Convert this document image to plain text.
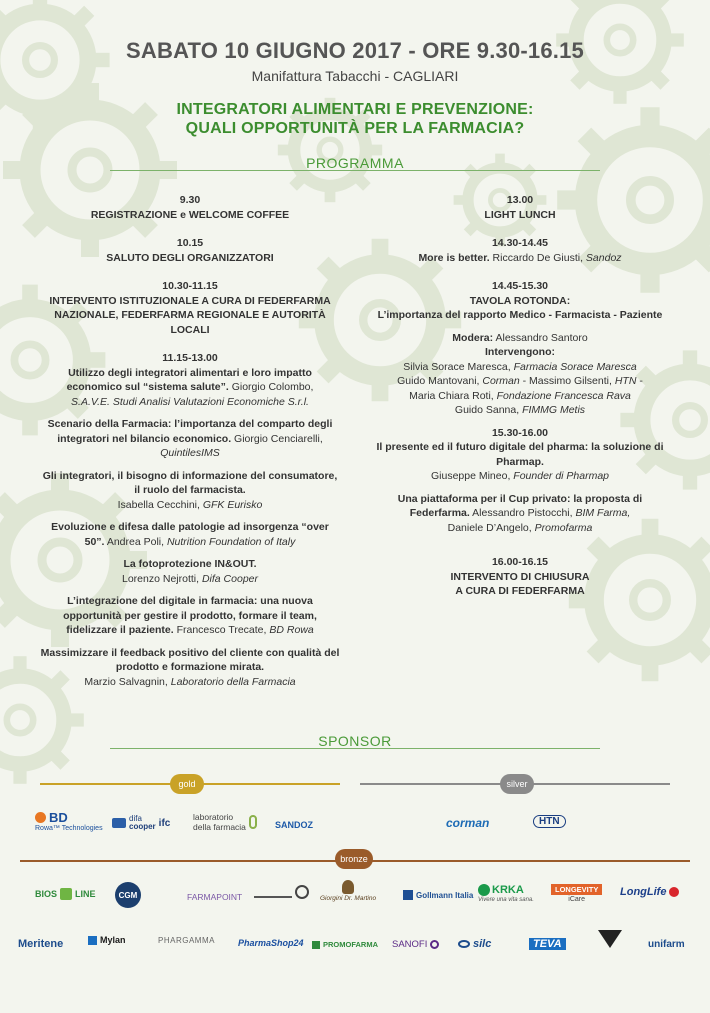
SABATO 10 GIUGNO 2017 - ORE 9.30-16.15
Manifattura Tabacchi - CAGLIARI
INTEGRATORI ALIMENTARI E PREVENZIONE:
QUALI OPPORTUNITÀ PER LA FARMACIA?
PROGRAMMA
9.30
REGISTRAZIONE e WELCOME COFFEE
10.15
SALUTO DEGLI ORGANIZZATORI
10.30-11.15
INTERVENTO ISTITUZIONALE A CURA DI FEDERFARMA NAZIONALE, FEDERFARMA REGIONALE E AUTORITÀ LOCALI
11.15-13.00
Utilizzo degli integratori alimentari e loro impatto economico sul “sistema salute”. Giorgio Colombo,
S.A.V.E. Studi Analisi Valutazioni Economiche S.r.l.
Scenario della Farmacia: l’importanza del comparto degli integratori nel bilancio economico. Giorgio Cenciarelli, QuintilesIMS
Gli integratori, il bisogno di informazione del consumatore, il ruolo del farmacista.
Isabella Cecchini, GFK Eurisko
Evoluzione e difesa dalle patologie ad insorgenza “over 50”. Andrea Poli, Nutrition Foundation of Italy
La fotoprotezione IN&OUT.
Lorenzo Nejrotti, Difa Cooper
L’integrazione del digitale in farmacia: una nuova opportunità per gestire il prodotto, formare il team, fidelizzare il paziente. Francesco Trecate, BD Rowa
Massimizzare il feedback positivo del cliente con qualità del prodotto e formazione mirata.
Marzio Salvagnin, Laboratorio della Farmacia
13.00
LIGHT LUNCH
14.30-14.45
More is better. Riccardo De Giusti, Sandoz
14.45-15.30
TAVOLA ROTONDA:
L’importanza del rapporto Medico - Farmacista - Paziente
Modera: Alessandro Santoro
Intervengono:
Silvia Sorace Maresca, Farmacia Sorace Maresca
Guido Mantovani, Corman - Massimo Gilsenti, HTN -
Maria Chiara Roti, Fondazione Francesca Rava
Guido Sanna, FIMMG Metis
15.30-16.00
Il presente ed il futuro digitale del pharma: la soluzione di Pharmap.
Giuseppe Mineo, Founder di Pharmap
Una piattaforma per il Cup privato: la proposta di Federfarma. Alessandro Pistocchi, BIM Farma,
Daniele D’Angelo, Promofarma
16.00-16.15
INTERVENTO DI CHIUSURA
A CURA DI FEDERFARMA
SPONSOR
gold	silver
BD
Rowa™ Technologies
difa
cooper ifc
laboratorio
della farmacia	SANDOZ	corman	HTN
bronze
BIOS LINE	CGM	FARMAPOINT	Giorgini Dr. Martino	Gollmann Italia KRKA
Vivere una vita sana.
LONGEVITY
iCare
LongLife
Meritene	Mylan	PHARGAMMA	PharmaShop24	PROMOFARMA SANOFI	silc	TEVA	unifarm
